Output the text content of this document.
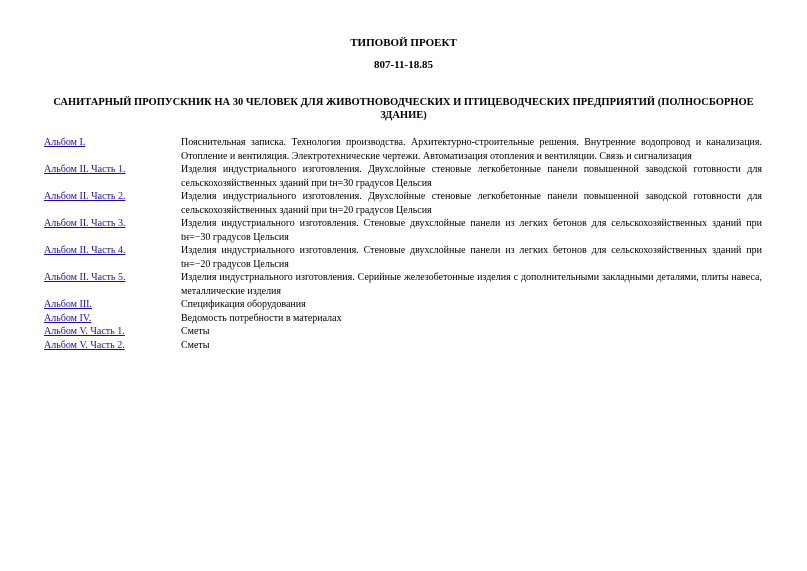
ТИПОВОЙ ПРОЕКТ
807-11-18.85
САНИТАРНЫЙ ПРОПУСКНИК НА 30 ЧЕЛОВЕК ДЛЯ ЖИВОТНОВОДЧЕСКИХ И ПТИЦЕВОДЧЕСКИХ ПРЕДПРИЯТИЙ (ПОЛНОСБОРНОЕ ЗДАНИЕ)
Альбом I.	Пояснительная записка. Технология производства. Архитектурно-строительные решения. Внутренние водопровод и канализация. Отопление и вентиляция. Электротехнические чертежи. Автоматизация отопления и вентиляции. Связь и сигнализация
Альбом II. Часть 1.	Изделия индустриального изготовления. Двухслойные стеновые легкобетонные панели повышенной заводской готовности для сельскохозяйственных зданий при tн=30 градусов Цельсия
Альбом II. Часть 2.	Изделия индустриального изготовления. Двухслойные стеновые легкобетонные панели повышенной заводской готовности для сельскохозяйственных зданий при tн=20 градусов Цельсия
Альбом II. Часть 3.	Изделия индустриального изготовления. Стеновые двухслойные панели из легких бетонов для сельскохозяйственных зданий при tн=−30 градусов Цельсия
Альбом II. Часть 4.	Изделия индустриального изготовления. Стеновые двухслойные панели из легких бетонов для сельскохозяйственных зданий при tн=−20 градусов Цельсия
Альбом II. Часть 5.	Изделия индустриального изготовления. Серийные железобетонные изделия с дополнительными закладными деталями, плиты навеса, металлические изделия
Альбом III.	Спецификация оборудования
Альбом IV.	Ведомость потребности в материалах
Альбом V. Часть 1.	Сметы
Альбом V. Часть 2.	Сметы
